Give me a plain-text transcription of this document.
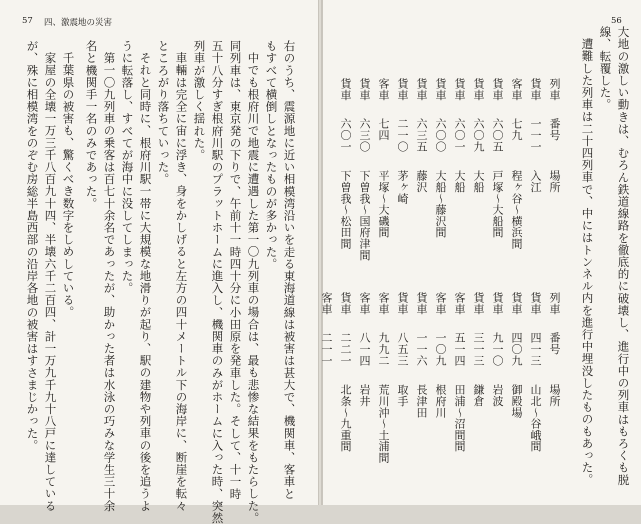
57 四、激震地の災害
右のうち、震源地に近い相模湾沿いを走る東海道線は被害は甚大で、機関車、客車と
もすべて横倒しとなったものが多かった。
中でも根府川で地震に遭遇した第一〇九列車の場合は、最も悲惨な結果をもたらした。
同列車は、東京発の下りで、午前十一時四十分に小田原を発車した。そして、十一時
五十八分すぎ根府川駅のプラットホームに進入し、機関車のみがホームに入った時、突然
列車が激しく揺れた。
車輛は完全に宙に浮き、身をかしげると左方の四十メートル下の海岸に、断崖を転々
ところがり落ちていった。
それと同時に、根府川駅一帯に大規模な地滑りが起り、駅の建物や列車の後を追うよ
うに転落し、すべてが海中に没してしまった。
第一〇九列車の乗客は百七十余名であったが、助かった者は水泳の巧みな学生三十余
名と機関手一名のみであった。
千葉県の被害も、驚くべき数字をしめしている。
家屋の全壊一万三千八百九十四、半壊六千二百四、計一万九千九十八戸に達している
が、殊に相模湾をのぞむ房総半島西部の沿岸各地の被害はすさまじかった。
56
大地の激しい動きは、むろん鉄道線路を徹底的に破壊し、進行中の列車はもろくも脱
線、転覆した。
遭難した列車は二十四列車で、中にはトンネル内を進行中埋没したものもあった。
列車
番号
場所
貨車
一一一
入江
客車
七九
程ヶ谷～横浜間
貨車
六〇五
戸塚～大船間
貨車
六〇九
大船
貨車
六〇一
大船
貨車
六〇〇
大船～藤沢間
貨車
六三五
藤沢
貨車
二一〇
茅ヶ崎
客車
七四
平塚～大磯間
貨車
六三〇
下曽我～国府津間
貨車
六〇一
下曽我～松田間
列車
番号
場所
貨車
四一三
山北～谷峨間
貨車
四〇九
御殿場
貨車
九一〇
岩波
貨車
三一三
鎌倉
客車
五一四
田浦～沼間間
客車
一〇九
根府川
貨車
一一六
長津田
貨車
八五三
取手
客車
九九二
荒川沖～土浦間
客車
八一四
岩井
貨車
二二一
北条～九重間
客車
二一一
